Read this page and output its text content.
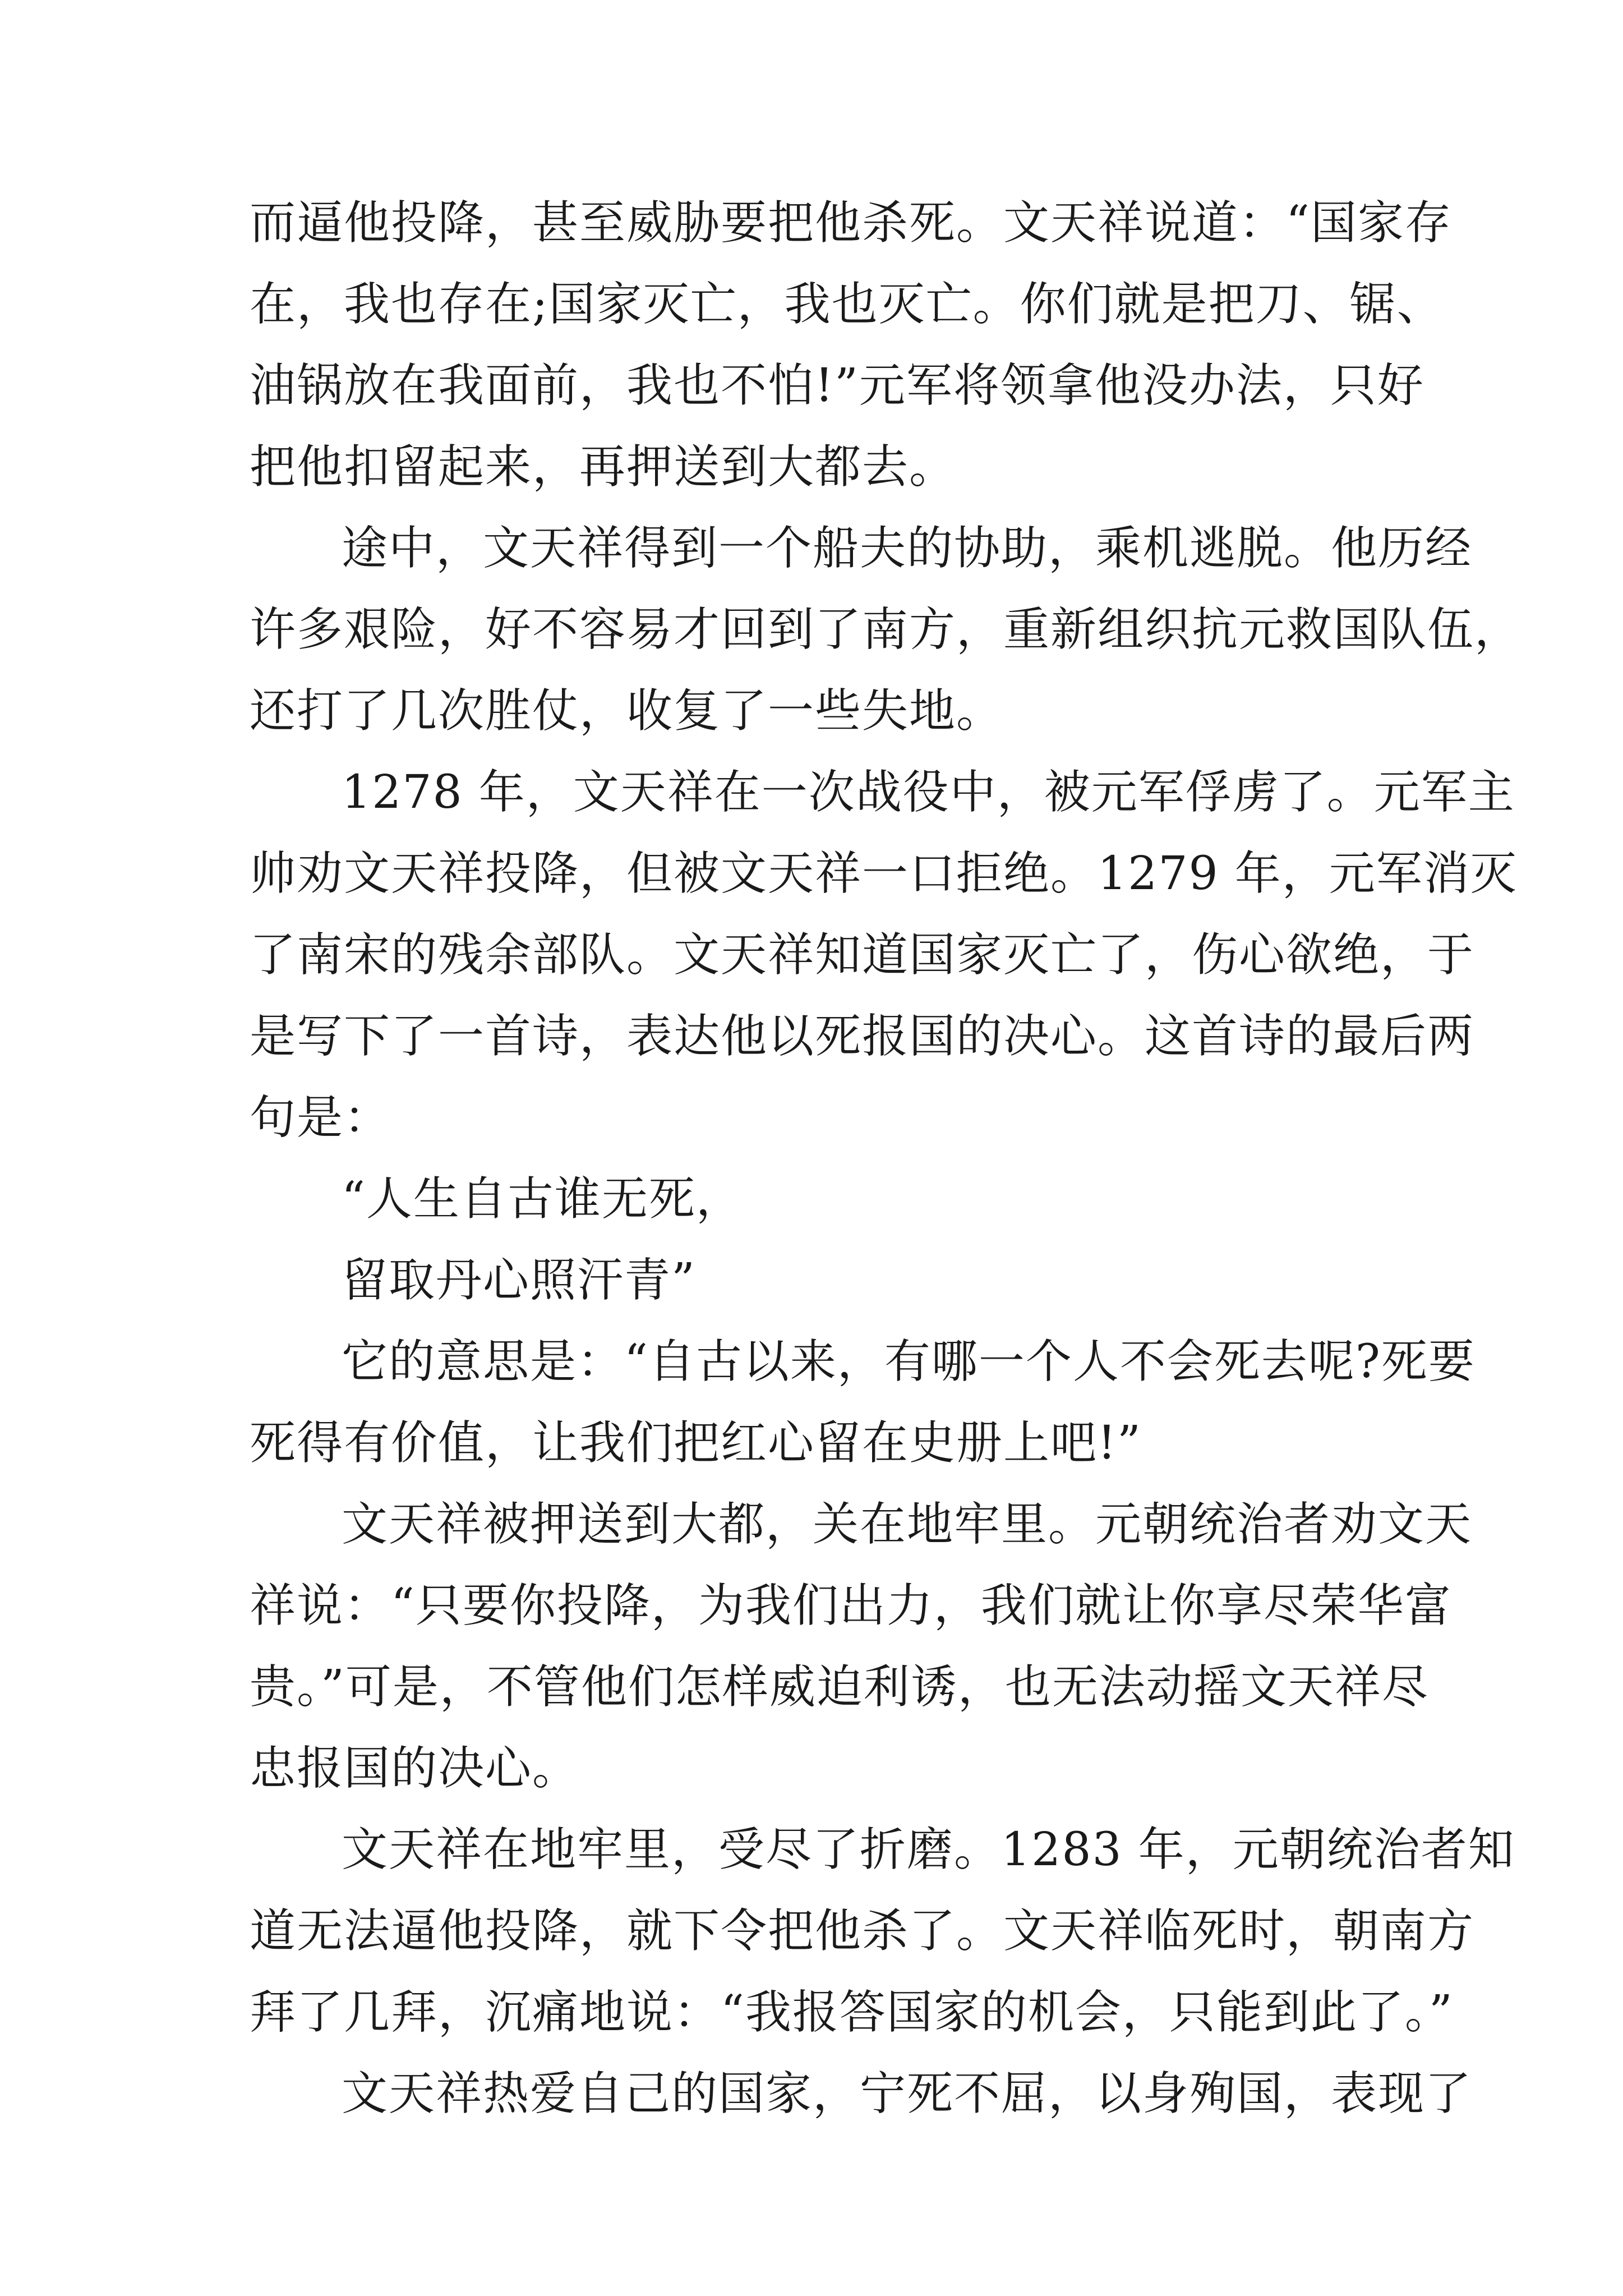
而逼他投降，甚至威胁要把他杀死。文天祥说道：“国家存
在，我也存在;国家灭亡，我也灭亡。你们就是把刀、锯、
油锅放在我面前，我也不怕!”元军将领拿他没办法，只好
把他扣留起来，再押送到大都去。
途中，文天祥得到一个船夫的协助，乘机逃脱。他历经
许多艰险，好不容易才回到了南方，重新组织抗元救国队伍，
还打了几次胜仗，收复了一些失地。
1278 年，文天祥在一次战役中，被元军俘虏了。元军主
帅劝文天祥投降，但被文天祥一口拒绝。1279 年，元军消灭
了南宋的残余部队。文天祥知道国家灭亡了，伤心欲绝，于
是写下了一首诗，表达他以死报国的决心。这首诗的最后两
句是：
“人生自古谁无死，
留取丹心照汗青”
它的意思是：“自古以来，有哪一个人不会死去呢?死要
死得有价值，让我们把红心留在史册上吧!”
文天祥被押送到大都，关在地牢里。元朝统治者劝文天
祥说：“只要你投降，为我们出力，我们就让你享尽荣华富
贵。”可是，不管他们怎样威迫利诱，也无法动摇文天祥尽
忠报国的决心。
文天祥在地牢里，受尽了折磨。1283 年，元朝统治者知
道无法逼他投降，就下令把他杀了。文天祥临死时，朝南方
拜了几拜，沉痛地说：“我报答国家的机会，只能到此了。”
文天祥热爱自己的国家，宁死不屈，以身殉国，表现了
